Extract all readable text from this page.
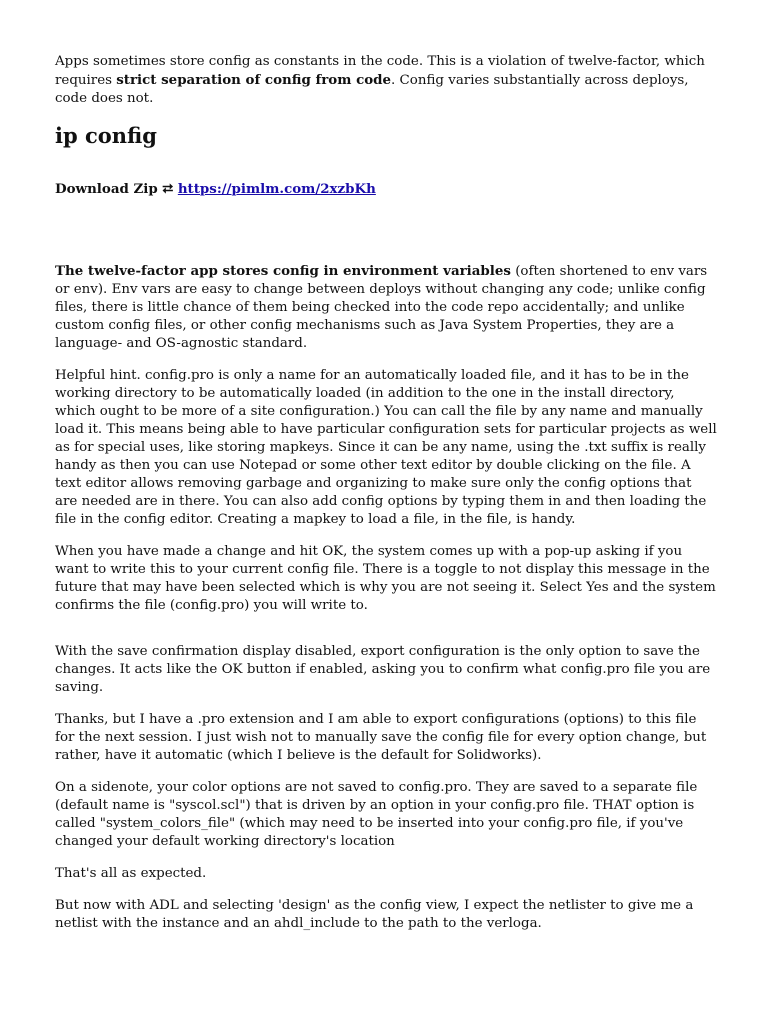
Apps sometimes store config as constants in the code. This is a violation of twelve-factor, which requires strict separation of config from code. Config varies substantially across deploys, code does not.

ip config

Download Zip ⮂ https://pimlm.com/2xzbKh

The twelve-factor app stores config in environment variables (often shortened to env vars or env). Env vars are easy to change between deploys without changing any code; unlike config files, there is little chance of them being checked into the code repo accidentally; and unlike custom config files, or other config mechanisms such as Java System Properties, they are a language- and OS-agnostic standard.

Helpful hint. config.pro is only a name for an automatically loaded file, and it has to be in the working directory to be automatically loaded (in addition to the one in the install directory, which ought to be more of a site configuration.) You can call the file by any name and manually load it. This means being able to have particular configuration sets for particular projects as well as for special uses, like storing mapkeys. Since it can be any name, using the .txt suffix is really handy as then you can use Notepad or some other text editor by double clicking on the file. A text editor allows removing garbage and organizing to make sure only the config options that are needed are in there. You can also add config options by typing them in and then loading the file in the config editor. Creating a mapkey to load a file, in the file, is handy.

When you have made a change and hit OK, the system comes up with a pop-up asking if you want to write this to your current config file. There is a toggle to not display this message in the future that may have been selected which is why you are not seeing it. Select Yes and the system confirms the file (config.pro) you will write to.

With the save confirmation display disabled, export configuration is the only option to save the changes. It acts like the OK button if enabled, asking you to confirm what config.pro file you are saving.

Thanks, but I have a .pro extension and I am able to export configurations (options) to this file for the next session. I just wish not to manually save the config file for every option change, but rather, have it automatic (which I believe is the default for Solidworks).

On a sidenote, your color options are not saved to config.pro. They are saved to a separate file (default name is "syscol.scl") that is driven by an option in your config.pro file. THAT option is called "system_colors_file" (which may need to be inserted into your config.pro file, if you've changed your default working directory's location

That's all as expected.

But now with ADL and selecting 'design' as the config view, I expect the netlister to give me a netlist with the instance and an ahdl_include to the path to the verloga.
